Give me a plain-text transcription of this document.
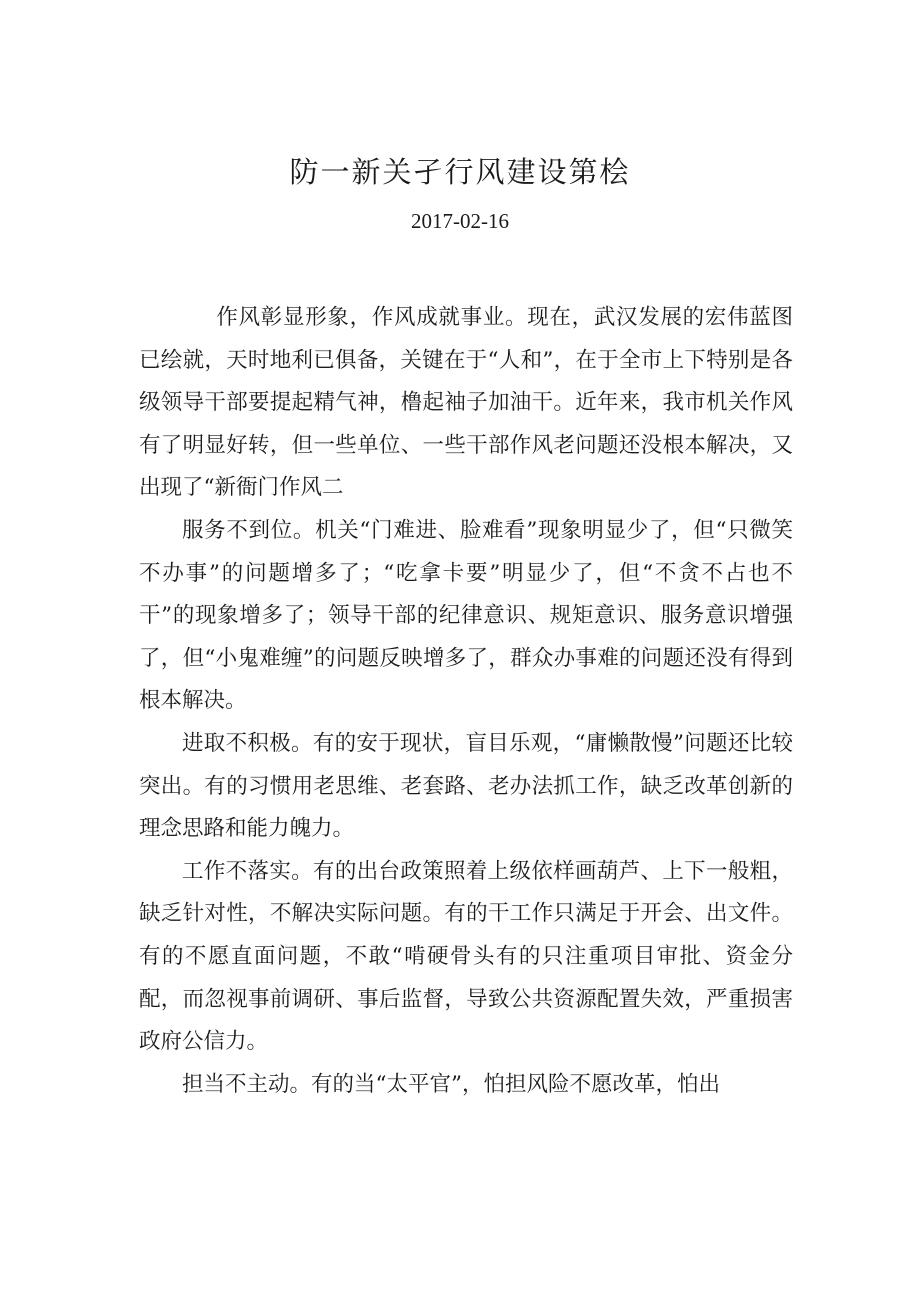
防一新关孑行风建设第桧
2017-02-16

作风彰显形象，作风成就事业。现在，武汉发展的宏伟蓝图已绘就，天时地利已俱备，关键在于“人和”，在于全市上下特别是各级领导干部要提起精气神，橹起袖子加油干。近年来，我市机关作风有了明显好转，但一些单位、一些干部作风老问题还没根本解决，又出现了“新衙门作风二

服务不到位。机关“门难进、脸难看”现象明显少了，但“只微笑不办事”的问题增多了；“吃拿卡要”明显少了，但“不贪不占也不干”的现象增多了；领导干部的纪律意识、规矩意识、服务意识增强了，但“小鬼难缠”的问题反映增多了，群众办事难的问题还没有得到根本解决。

进取不积极。有的安于现状，盲目乐观，“庸懒散慢”问题还比较突出。有的习惯用老思维、老套路、老办法抓工作，缺乏改革创新的理念思路和能力魄力。

工作不落实。有的出台政策照着上级依样画葫芦、上下一般粗，缺乏针对性，不解决实际问题。有的干工作只满足于开会、出文件。有的不愿直面问题，不敢“啃硬骨头有的只注重项目审批、资金分配，而忽视事前调研、事后监督，导致公共资源配置失效，严重损害政府公信力。

担当不主动。有的当“太平官”，怕担风险不愿改革，怕出
